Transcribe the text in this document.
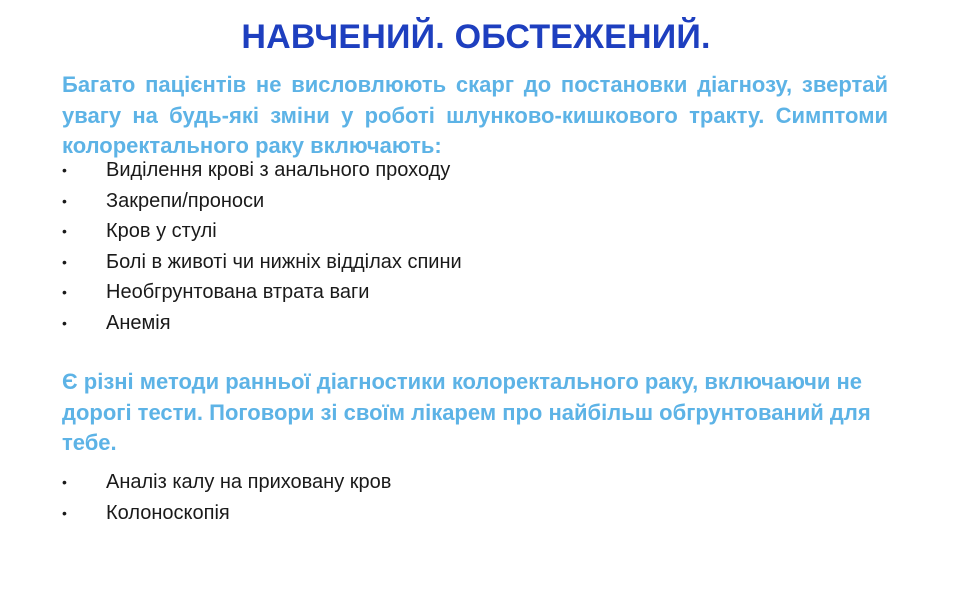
НАВЧЕНИЙ. ОБСТЕЖЕНИЙ.

Багато пацієнтів не висловлюють скарг до постановки діагнозу, звертай увагу на будь-які зміни у роботі шлунково-кишкового тракту. Симптоми колоректального раку включають:

• Виділення крові з анального проходу
• Закрепи/проноси
• Кров у стулі
• Болі в животі чи нижніх відділах спини
• Необгрунтована втрата ваги
• Анемія

Є різні методи ранньої діагностики колоректального раку, включаючи не дорогі тести. Поговори зі своїм лікарем про найбільш обгрунтований для тебе.

• Аналіз калу на приховану кров
• Колоноскопія
